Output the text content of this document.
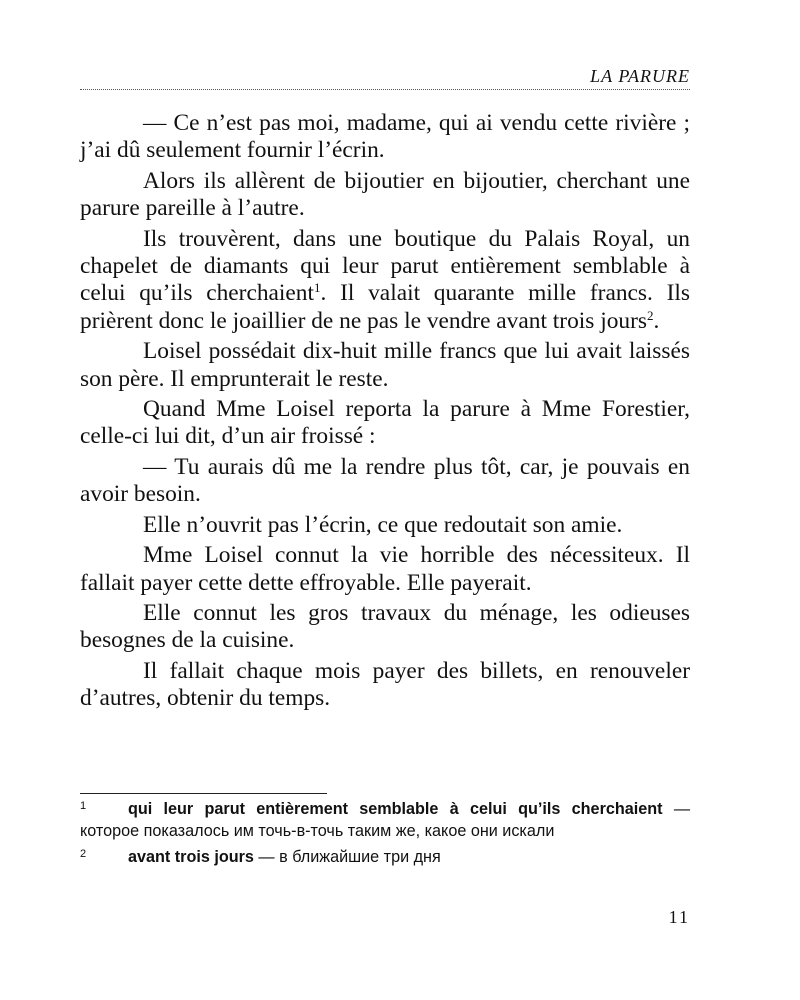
LA PARURE

— Ce n’est pas moi, madame, qui ai vendu cette rivière ; j’ai dû seulement fournir l’écrin.

Alors ils allèrent de bijoutier en bijoutier, cherchant une parure pareille à l’autre.

Ils trouvèrent, dans une boutique du Palais Royal, un chapelet de diamants qui leur parut entièrement semblable à celui qu’ils cherchaient$^1$. Il valait quarante mille francs. Ils prièrent donc le joaillier de ne pas le vendre avant trois jours$^2$.

Loisel possédait dix-huit mille francs que lui avait laissés son père. Il emprunterait le reste.

Quand Mme Loisel reporta la parure à Mme Forestier, celle-ci lui dit, d’un air froissé :

— Tu aurais dû me la rendre plus tôt, car, je pouvais en avoir besoin.

Elle n’ouvrit pas l’écrin, ce que redoutait son amie.

Mme Loisel connut la vie horrible des nécessiteux. Il fallait payer cette dette effroyable. Elle payerait.

Elle connut les gros travaux du ménage, les odieuses besognes de la cuisine.

Il fallait chaque mois payer des billets, en renouveler d’autres, obtenir du temps.

1	qui leur parut entièrement semblable à celui qu’ils cherchaient — которое показалось им точь-в-точь таким же, какое они искали
2	avant trois jours — в ближайшие три дня
11
